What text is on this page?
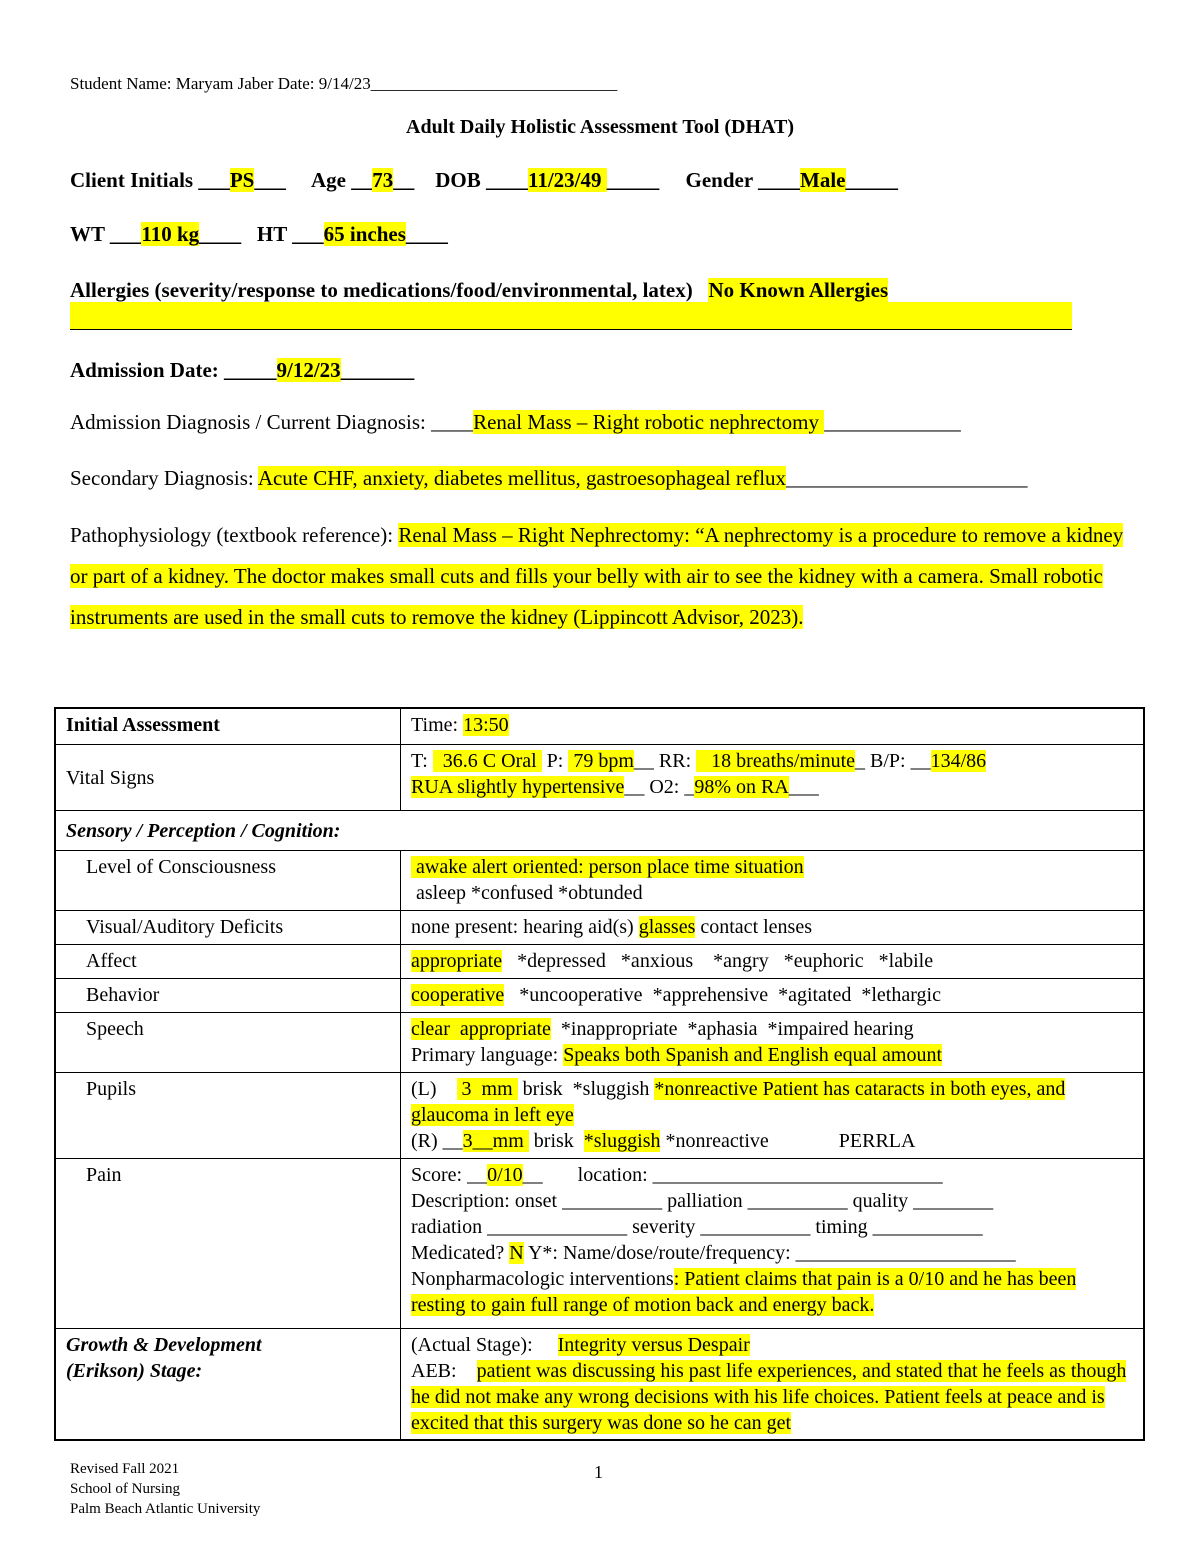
Student Name: Maryam Jaber Date: 9/14/23_____________________________
Adult Daily Holistic Assessment Tool (DHAT)
Client Initials ___PS___ Age __73__ DOB ____11/23/49 _____ Gender ____Male_____
WT ___110 kg____ HT ___65 inches____
Allergies (severity/response to medications/food/environmental, latex) No Known Allergies
Admission Date: _____9/12/23_______
Admission Diagnosis / Current Diagnosis: ____Renal Mass – Right robotic nephrectomy _____________
Secondary Diagnosis: Acute CHF, anxiety, diabetes mellitus, gastroesophageal reflux_______________________
Pathophysiology (textbook reference): Renal Mass – Right Nephrectomy: “A nephrectomy is a procedure to remove a kidney or part of a kidney. The doctor makes small cuts and fills your belly with air to see the kidney with a camera. Small robotic instruments are used in the small cuts to remove the kidney (Lippincott Advisor, 2023).
Initial Assessment	Time: 13:50
Vital Signs	T:   36.6 C Oral  P:  79 bpm__ RR:    18 breaths/minute_ B/P: __134/86
RUA slightly hypertensive__ O2: _98% on RA___
Sensory / Perception / Cognition:	
Level of Consciousness	awake alert oriented: person place time situation
asleep *confused *obtunded
Visual/Auditory Deficits	none present: hearing aid(s) glasses contact lenses
Affect	appropriate   *depressed   *anxious    *angry   *euphoric   *labile
Behavior	cooperative   *uncooperative  *apprehensive  *agitated  *lethargic
Speech	clear  appropriate  *inappropriate  *aphasia  *impaired hearing
Primary language: Speaks both Spanish and English equal amount
Pupils	(L)     3  mm  brisk  *sluggish *nonreactive Patient has cataracts in both eyes, and glaucoma in left eye
(R) __3__mm  brisk  *sluggish *nonreactive              PERRLA
Pain	Score: __0/10__       location: _____________________________
Description: onset __________ palliation __________ quality ________
radiation ______________ severity ___________ timing ___________
Medicated? N Y*: Name/dose/route/frequency: ______________________
Nonpharmacologic interventions: Patient claims that pain is a 0/10 and he has been resting to gain full range of motion back and energy back.
Growth & Development
(Erikson) Stage:	(Actual Stage):     Integrity versus Despair
AEB:    patient was discussing his past life experiences, and stated that he feels as though he did not make any wrong decisions with his life choices. Patient feels at peace and is excited that this surgery was done so he can get
Revised Fall 2021
School of Nursing
Palm Beach Atlantic University
1
